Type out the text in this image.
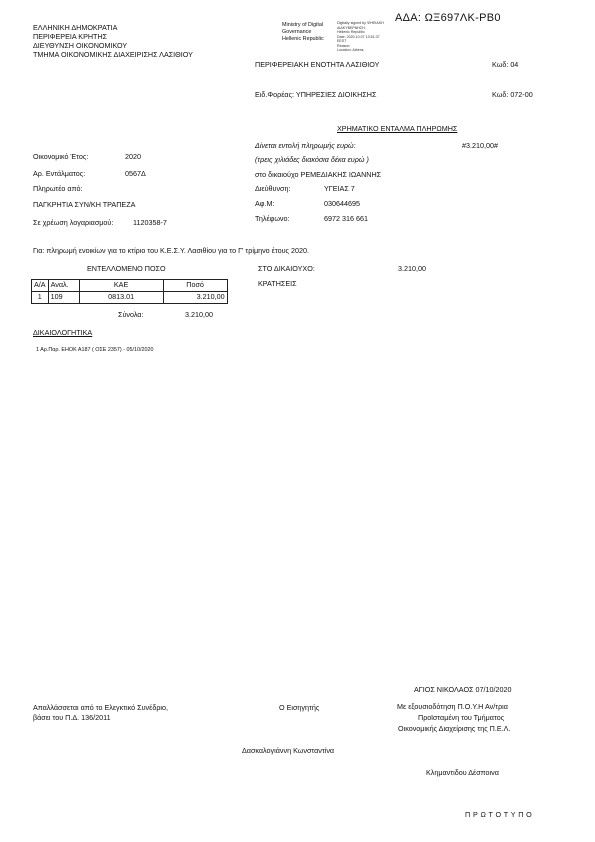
ΑΔΑ: ΩΞ697ΛΚ-ΡΒ0
ΕΛΛΗΝΙΚΗ ΔΗΜΟΚΡΑΤΙΑ
ΠΕΡΙΦΕΡΕΙΑ ΚΡΗΤΗΣ
ΔΙΕΥΘΥΝΣΗ ΟΙΚΟΝΟΜΙΚΟΥ
ΤΜΗΜΑ ΟΙΚΟΝΟΜΙΚΗΣ ΔΙΑΧΕΙΡΙΣΗΣ ΛΑΣΙΘΙΟΥ
Ministry of Digital
Governance
Hellenic Republic
Digitally signed by ΨΗΦΙΑΚΗ
ΔΙΑΚΥΒΕΡΝΗΣΗ,
Hellenic Republic
Date: 2020.10.07 13:51:37
EEST
Reason:
Location: Athens
ΠΕΡΙΦΕΡΕΙΑΚΗ ΕΝΟΤΗΤΑ ΛΑΣΙΘΙΟΥ	Κωδ: 04
Ειδ.Φορέας: ΥΠΗΡΕΣΙΕΣ ΔΙΟΙΚΗΣΗΣ	Κωδ: 072-00
ΧΡΗΜΑΤΙΚΟ ΕΝΤΑΛΜΑ ΠΛΗΡΩΜΗΣ
Δίνεται εντολή πληρωμής ευρώ:	#3.210,00#
(τρεις χιλιάδες διακόσια δέκα ευρώ )
στο δικαιούχο ΡΕΜΕΔΙΑΚΗΣ ΙΩΑΝΝΗΣ
Διεύθυνση:	ΥΓΕΙΑΣ 7
Αφ.Μ:	030644695
Τηλέφωνο:	6972 316 661
Οικονομικό Έτος:	2020
Αρ. Εντάλματος:	0567Δ
Πληρωτέο από:
ΠΑΓΚΡΗΤΙΑ ΣΥΝ/ΚΗ ΤΡΑΠΕΖΑ
Σε χρέωση λογαριασμού:	1120358-7
Για: πληρωμή ενοικίων για το κτίριο του Κ.Ε.Σ.Υ. Λασιθίου για το Γ' τρίμηνο έτους 2020.
ΕΝΤΕΛΛΟΜΕΝΟ ΠΟΣΟ
Α/Α	Αναλ.	ΚΑΕ	Ποσό
1	109	0813.01	3.210,00
Σύνολα:	3.210,00
ΣΤΟ ΔΙΚΑΙΟΥΧΟ:	3.210,00
ΚΡΑΤΗΣΕΙΣ
ΔΙΚΑΙΟΛΟΓΗΤΙΚΑ
1 Αρ.Παρ. ΕΗΟΚ Α187 ( ΟΣΕ 2357) - 05/10/2020
ΑΓΙΟΣ ΝΙΚΟΛΑΟΣ 07/10/2020
Απαλλάσσεται από το Ελεγκτικό Συνέδριο,
βάσει του Π.Δ. 136/2011
Ο Εισηγητής	Με εξουσιοδότηση Π.Ο.Υ.Η Αν/τρια
Προϊσταμένη του Τμήματος
Οικονομικής Διαχείρισης της Π.Ε.Λ.
Δασκαλογιάννη Κωνσταντίνα
Κλημαντιδου Δέσποινα
Π Ρ Ω Τ Ο Τ Υ Π Ο
